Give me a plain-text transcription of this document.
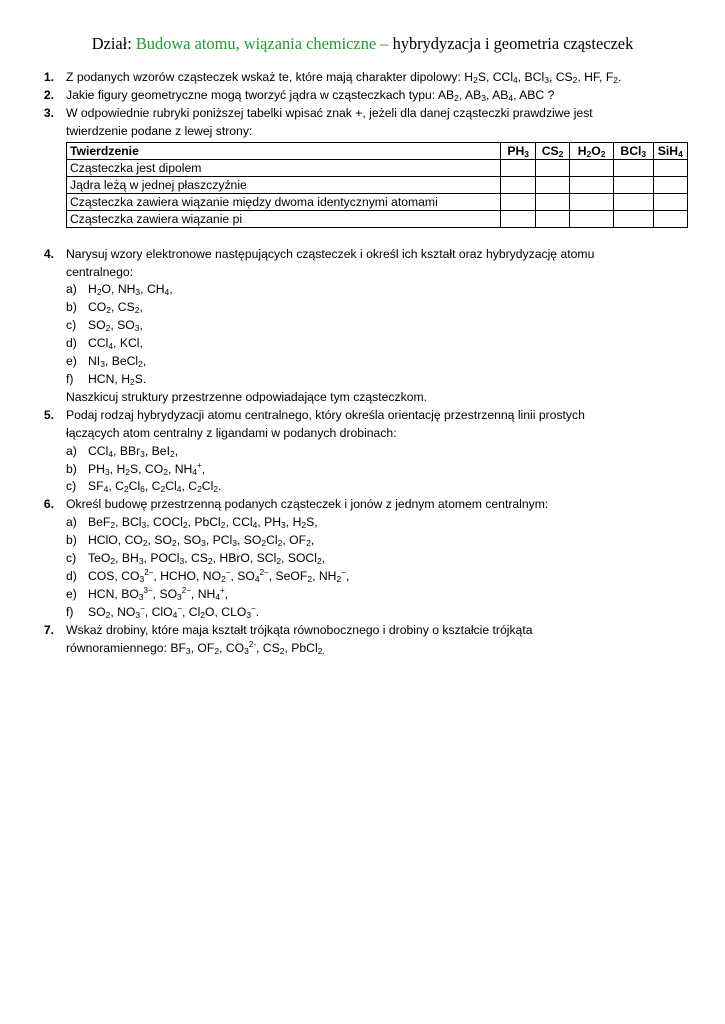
Dział: Budowa atomu, wiązania chemiczne – hybrydyzacja i geometria cząsteczek
1. Z podanych wzorów cząsteczek wskaż te, które mają charakter dipolowy: $H_2S$, CCl$_4$, BCl$_3$, $CS_2$, HF, $F_2$.
2. Jakie figury geometryczne mogą tworzyć jądra w cząsteczkach typu: $AB_2$, $AB_3$, $AB_4$, ABC ?
3. W odpowiednie rubryki poniższej tabelki wpisać znak +, jeżeli dla danej cząsteczki prawdziwe jest
twierdzenie podane z lewej strony:
Twierdzenie	$PH_3$	$CS_2$	$H_2O_2$	BCl$_3$	SiH$_4$
Cząsteczka jest dipolem					
Jądra leżą w jednej płaszczyźnie					
Cząsteczka zawiera wiązanie między dwoma identycznymi atomami					
Cząsteczka zawiera wiązanie pi					
4. Narysuj wzory elektronowe następujących cząsteczek i określ ich kształt oraz hybrydyzację atomu
centralnego:
a) $H_2O$, $NH_3$, $CH_4$,
b) $CO_2$, $CS_2$,
c) $SO_2$, $SO_3$,
d) CCl$_4$, KCl,
e) $NI_3$, BeCl$_2$,
f) HCN, $H_2S$.
Naszkicuj struktury przestrzenne odpowiadające tym cząsteczkom.
5. Podaj rodzaj hybrydyzacji atomu centralnego, który określa orientację przestrzenną linii prostych
łączących atom centralny z ligandami w podanych drobinach:
a) CCl$_4$, BBr$_3$, BeI$_2$,
b) $PH_3$, $H_2S$, $CO_2$, $NH_4^+$,
c) $SF_4$, $C_2Cl_6$, $C_2Cl_4$, $C_2Cl_2$.
6. Określ budowę przestrzenną podanych cząsteczek i jonów z jednym atomem centralnym:
a) BeF$_2$, BCl$_3$, COCl$_2$, PbCl$_2$, CCl$_4$, $PH_3$, $H_2S$,
b) HClO, $CO_2$, $SO_2$, $SO_3$, PCl$_3$, $SO_2Cl_2$, $OF_2$,
c) TeO$_2$, $BH_3$, POCl$_3$, $CS_2$, HBrO, SCl$_2$, SOCl$_2$,
d) COS, $CO_3^{2-}$, HCHO, $NO_2^-$, $SO_4^{2-}$, SeOF$_2$, $NH_2^-$,
e) HCN, $BO_3^{3-}$, $SO_3^{2-}$, $NH_4^+$,
f) $SO_2$, $NO_3^-$, ClO$_4$−, $Cl_2O$, $CLO_3^-$.
7. Wskaż drobiny, które maja kształt trójkąta równobocznego i drobiny o kształcie trójkąta
równoramiennego: $BF_3$, $OF_2$, $CO_3^{2-}$, $CS_2$, PbCl$_{2.}$
